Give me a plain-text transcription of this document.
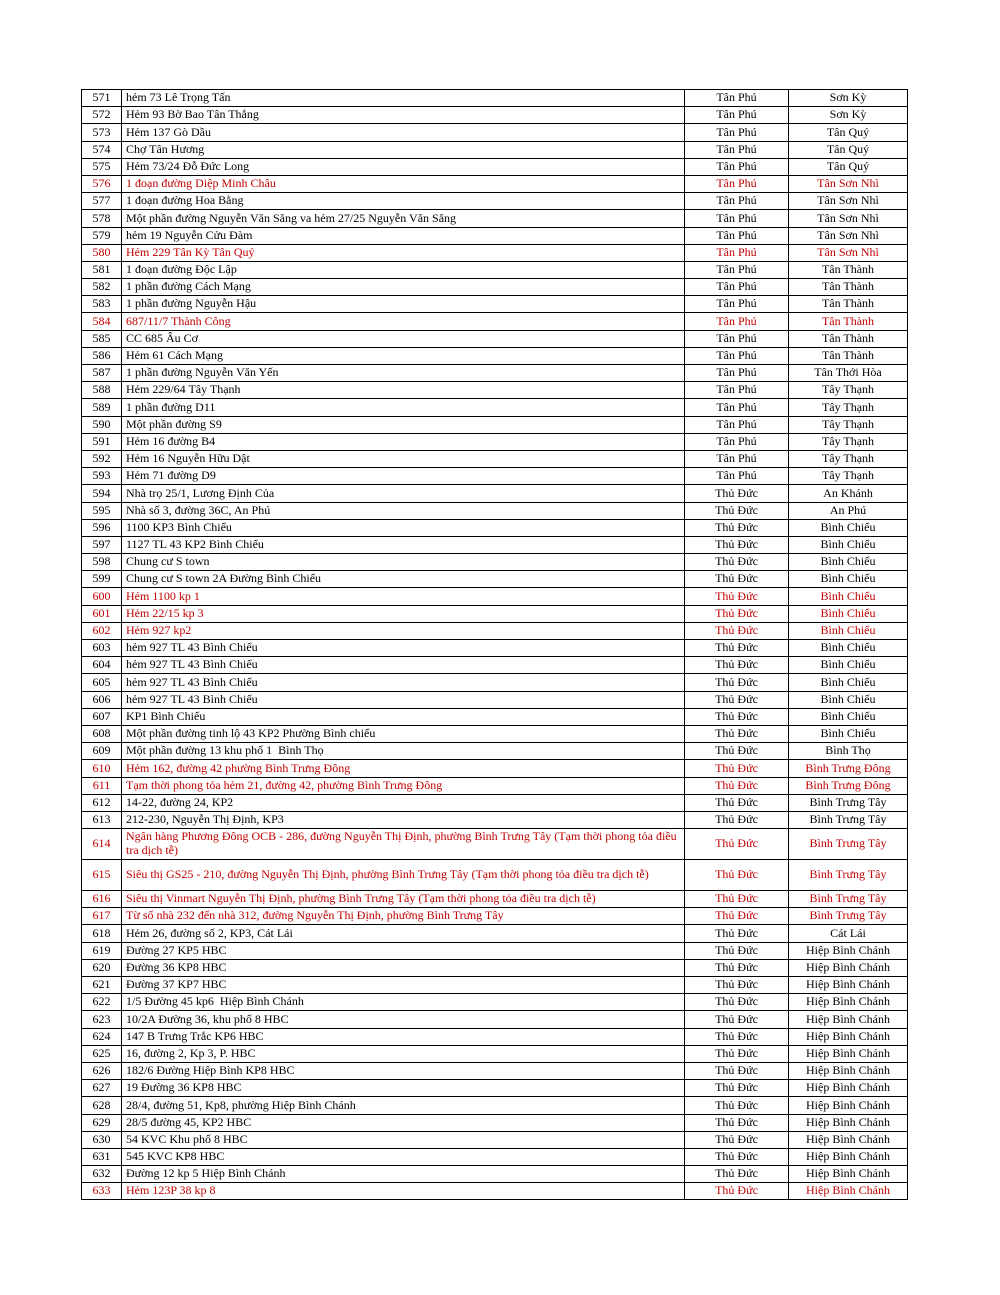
571	hẻm 73 Lê Trọng Tấn	Tân Phú	Sơn Kỳ
572	Hẻm 93 Bờ Bao Tân Thắng	Tân Phú	Sơn Kỳ
573	Hẻm 137 Gò Dầu	Tân Phú	Tân Quý
574	Chợ Tân Hương	Tân Phú	Tân Quý
575	Hẻm 73/24 Đỗ Đức Long	Tân Phú	Tân Quý
576	1 đoạn đường Diệp Minh Châu	Tân Phú	Tân Sơn Nhì
577	1 đoạn đường Hoa Bằng	Tân Phú	Tân Sơn Nhì
578	Một phần đường Nguyễn Văn Săng va hẻm 27/25 Nguyễn Văn Săng	Tân Phú	Tân Sơn Nhì
579	hẻm 19 Nguyễn Cửu Đàm	Tân Phú	Tân Sơn Nhì
580	Hẻm 229 Tân Kỳ Tân Quý	Tân Phú	Tân Sơn Nhì
581	1 đoạn đường Độc Lập	Tân Phú	Tân Thành
582	1 phần đường Cách Mạng	Tân Phú	Tân Thành
583	1 phần đường Nguyễn Hậu	Tân Phú	Tân Thành
584	687/11/7 Thành Công	Tân Phú	Tân Thành
585	CC 685 Âu Cơ	Tân Phú	Tân Thành
586	Hẻm 61 Cách Mạng	Tân Phú	Tân Thành
587	1 phần đường Nguyễn Văn Yến	Tân Phú	Tân Thới Hòa
588	Hẻm 229/64 Tây Thạnh	Tân Phú	Tây Thạnh
589	1 phần đường D11	Tân Phú	Tây Thạnh
590	Một phần đường S9	Tân Phú	Tây Thạnh
591	Hẻm 16 đường B4	Tân Phú	Tây Thạnh
592	Hẻm 16 Nguyễn Hữu Dật	Tân Phú	Tây Thạnh
593	Hẻm 71 đường D9	Tân Phú	Tây Thạnh
594	Nhà trọ 25/1, Lương Định Của	Thủ Đức	An Khánh
595	Nhà số 3, đường 36C, An Phú	Thủ Đức	An Phú
596	1100 KP3 Bình Chiểu	Thủ Đức	Bình Chiểu
597	1127 TL 43 KP2 Bình Chiểu	Thủ Đức	Bình Chiểu
598	Chung cư S town	Thủ Đức	Bình Chiểu
599	Chung cư S town 2A Đường Bình Chiểu	Thủ Đức	Bình Chiểu
600	Hẻm 1100 kp 1	Thủ Đức	Bình Chiểu
601	Hẻm 22/15 kp 3	Thủ Đức	Bình Chiểu
602	Hẻm 927 kp2	Thủ Đức	Bình Chiểu
603	hẻm 927 TL 43 Bình Chiểu	Thủ Đức	Bình Chiểu
604	hẻm 927 TL 43 Bình Chiểu	Thủ Đức	Bình Chiểu
605	hẻm 927 TL 43 Bình Chiểu	Thủ Đức	Bình Chiểu
606	hẻm 927 TL 43 Bình Chiểu	Thủ Đức	Bình Chiểu
607	KP1 Bình Chiểu	Thủ Đức	Bình Chiểu
608	Một phần đường tinh lộ 43 KP2 Phường Bình chiểu	Thủ Đức	Bình Chiểu
609	Một phần đường 13 khu phố 1  Bình Thọ	Thủ Đức	Bình Thọ
610	Hẻm 162, đường 42 phường Bình Trưng Đông	Thủ Đức	Bình Trưng Đông
611	Tạm thời phong tỏa hẻm 21, đường 42, phường Bình Trưng Đông	Thủ Đức	Bình Trưng Đông
612	14-22, đường 24, KP2	Thủ Đức	Bình Trưng Tây
613	212-230, Nguyễn Thị Định, KP3	Thủ Đức	Bình Trưng Tây
614	Ngân hàng Phương Đông OCB - 286, đường Nguyễn Thị Định, phường Bình Trưng Tây (Tạm thời phong tỏa điều tra dịch tễ)	Thủ Đức	Bình Trưng Tây
615	Siêu thị GS25 - 210, đường Nguyễn Thị Định, phường Bình Trưng Tây (Tạm thời phong tỏa điều tra dịch tễ)	Thủ Đức	Bình Trưng Tây
616	Siêu thị Vinmart Nguyễn Thị Định, phường Bình Trưng Tây (Tạm thời phong tỏa điều tra dịch tễ)	Thủ Đức	Bình Trưng Tây
617	Từ số nhà 232 đến nhà 312, đường Nguyễn Thị Định, phường Bình Trưng Tây	Thủ Đức	Bình Trưng Tây
618	Hẻm 26, đường số 2, KP3, Cát Lái	Thủ Đức	Cát Lái
619	Đường 27 KP5 HBC	Thủ Đức	Hiệp Bình Chánh
620	Đường 36 KP8 HBC	Thủ Đức	Hiệp Bình Chánh
621	Đường 37 KP7 HBC	Thủ Đức	Hiệp Bình Chánh
622	1/5 Đường 45 kp6  Hiệp Bình Chánh	Thủ Đức	Hiệp Bình Chánh
623	10/2A Đường 36, khu phố 8 HBC	Thủ Đức	Hiệp Bình Chánh
624	147 B Trưng Trắc KP6 HBC	Thủ Đức	Hiệp Bình Chánh
625	16, đường 2, Kp 3, P. HBC	Thủ Đức	Hiệp Bình Chánh
626	182/6 Đường Hiệp Bình KP8 HBC	Thủ Đức	Hiệp Bình Chánh
627	19 Đường 36 KP8 HBC	Thủ Đức	Hiệp Bình Chánh
628	28/4, đường 51, Kp8, phường Hiệp Bình Chánh	Thủ Đức	Hiệp Bình Chánh
629	28/5 đường 45, KP2 HBC	Thủ Đức	Hiệp Bình Chánh
630	54 KVC Khu phố 8 HBC	Thủ Đức	Hiệp Bình Chánh
631	545 KVC KP8 HBC	Thủ Đức	Hiệp Bình Chánh
632	Đường 12 kp 5 Hiệp Bình Chánh	Thủ Đức	Hiệp Bình Chánh
633	Hẻm 123P 38 kp 8	Thủ Đức	Hiệp Bình Chánh
